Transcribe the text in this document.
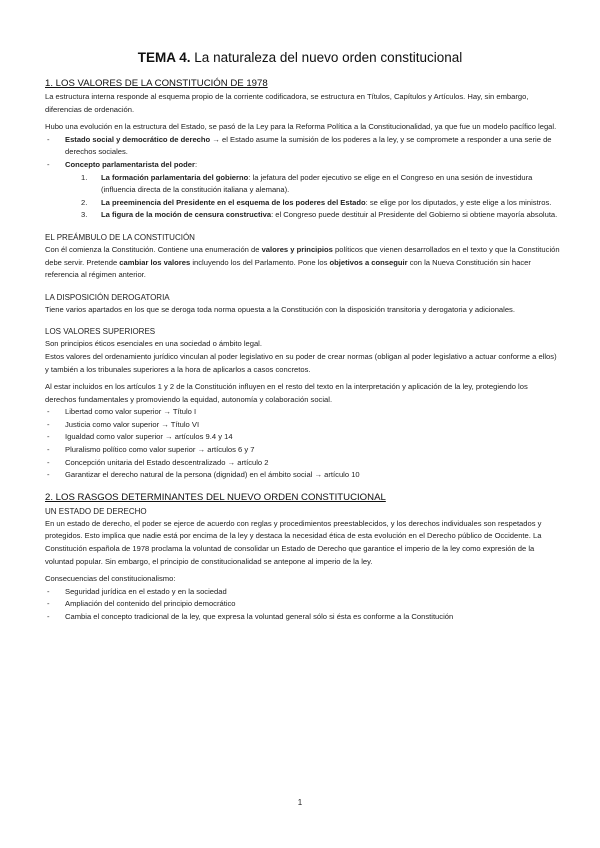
TEMA 4. La naturaleza del nuevo orden constitucional
1. LOS VALORES DE LA CONSTITUCIÓN DE 1978

La estructura interna responde al esquema propio de la corriente codificadora, se estructura en Títulos, Capítulos y Artículos. Hay, sin embargo, diferencias de ordenación.

Hubo una evolución en la estructura del Estado, se pasó de la Ley para la Reforma Política a la Constitucionalidad, ya que fue un modelo pacífico legal.

- Estado social y democrático de derecho → el Estado asume la sumisión de los poderes a la ley, y se compromete a responder a una serie de derechos sociales.
- Concepto parlamentarista del poder:
1. La formación parlamentaria del gobierno: la jefatura del poder ejecutivo se elige en el Congreso en una sesión de investidura (influencia directa de la constitución italiana y alemana).
2. La preeminencia del Presidente en el esquema de los poderes del Estado: se elige por los diputados, y este elige a los ministros.
3. La figura de la moción de censura constructiva: el Congreso puede destituir al Presidente del Gobierno si obtiene mayoría absoluta.
EL PREÁMBULO DE LA CONSTITUCIÓN

Con él comienza la Constitución. Contiene una enumeración de valores y principios políticos que vienen desarrollados en el texto y que la Constitución debe servir. Pretende cambiar los valores incluyendo los del Parlamento. Pone los objetivos a conseguir con la Nueva Constitución sin hacer referencia al régimen anterior.

LA DISPOSICIÓN DEROGATORIA

Tiene varios apartados en los que se deroga toda norma opuesta a la Constitución con la disposición transitoria y derogatoria y adicionales.

LOS VALORES SUPERIORES

Son principios éticos esenciales en una sociedad o ámbito legal.

Estos valores del ordenamiento jurídico vinculan al poder legislativo en su poder de crear normas (obligan al poder legislativo a actuar conforme a ellos) y también a los tribunales superiores a la hora de aplicarlos a casos concretos.

Al estar incluidos en los artículos 1 y 2 de la Constitución influyen en el resto del texto en la interpretación y aplicación de la ley, protegiendo los derechos fundamentales y promoviendo la equidad, autonomía y colaboración social.

- Libertad como valor superior → Título I
- Justicia como valor superior → Título VI
- Igualdad como valor superior → artículos 9.4 y 14
- Pluralismo político como valor superior → artículos 6 y 7
- Concepción unitaria del Estado descentralizado → artículo 2
- Garantizar el derecho natural de la persona (dignidad) en el ámbito social → artículo 10
2. LOS RASGOS DETERMINANTES DEL NUEVO ORDEN CONSTITUCIONAL
UN ESTADO DE DERECHO

En un estado de derecho, el poder se ejerce de acuerdo con reglas y procedimientos preestablecidos, y los derechos individuales son respetados y protegidos. Esto implica que nadie está por encima de la ley y destaca la necesidad ética de esta evolución en el Derecho público de Occidente. La Constitución española de 1978 proclama la voluntad de consolidar un Estado de Derecho que garantice el imperio de la ley como expresión de la voluntad popular. Sin embargo, el principio de constitucionalidad se antepone al imperio de la ley.

Consecuencias del constitucionalismo:

- Seguridad jurídica en el estado y en la sociedad
- Ampliación del contenido del principio democrático
- Cambia el concepto tradicional de la ley, que expresa la voluntad general sólo si ésta es conforme a la Constitución
1
